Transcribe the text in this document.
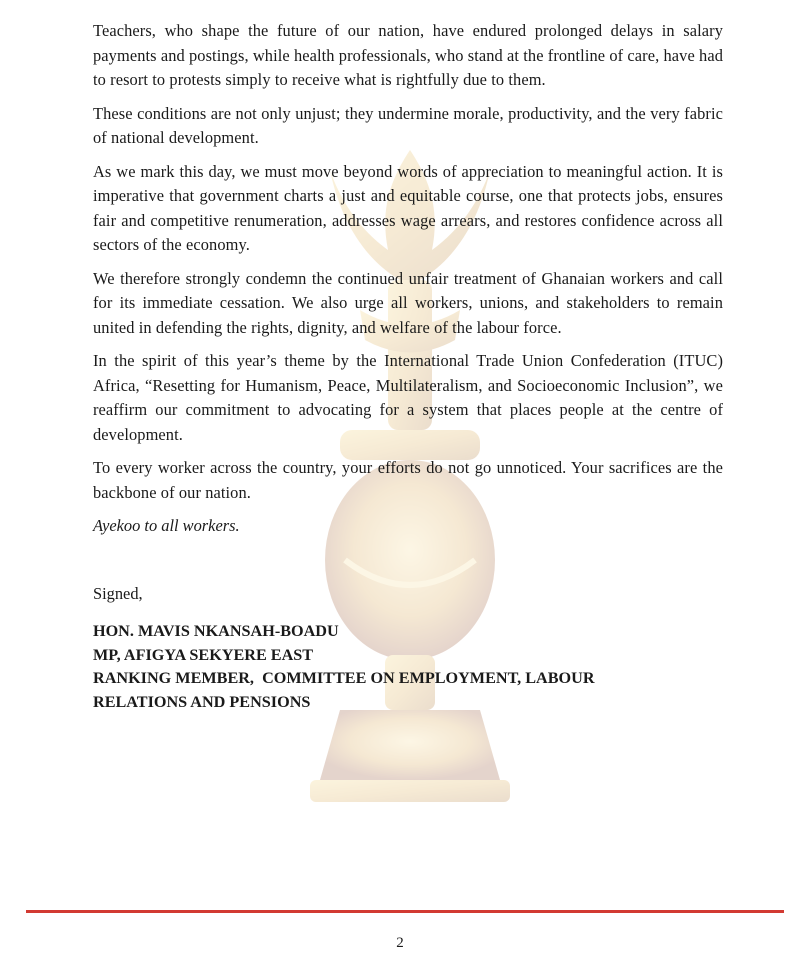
Teachers, who shape the future of our nation, have endured prolonged delays in salary payments and postings, while health professionals, who stand at the frontline of care, have had to resort to protests simply to receive what is rightfully due to them.

These conditions are not only unjust; they undermine morale, productivity, and the very fabric of national development.

As we mark this day, we must move beyond words of appreciation to meaningful action. It is imperative that government charts a just and equitable course, one that protects jobs, ensures fair and competitive renumeration, addresses wage arrears, and restores confidence across all sectors of the economy.

We therefore strongly condemn the continued unfair treatment of Ghanaian workers and call for its immediate cessation. We also urge all workers, unions, and stakeholders to remain united in defending the rights, dignity, and welfare of the labour force.

In the spirit of this year’s theme by the International Trade Union Confederation (ITUC) Africa, “Resetting for Humanism, Peace, Multilateralism, and Socioeconomic Inclusion”, we reaffirm our commitment to advocating for a system that places people at the centre of development.

To every worker across the country, your efforts do not go unnoticed. Your sacrifices are the backbone of our nation.

Ayekoo to all workers.

Signed,
HON. MAVIS NKANSAH-BOADU
MP, AFIGYA SEKYERE EAST
RANKING MEMBER,  COMMITTEE ON EMPLOYMENT, LABOUR
RELATIONS AND PENSIONS
2
